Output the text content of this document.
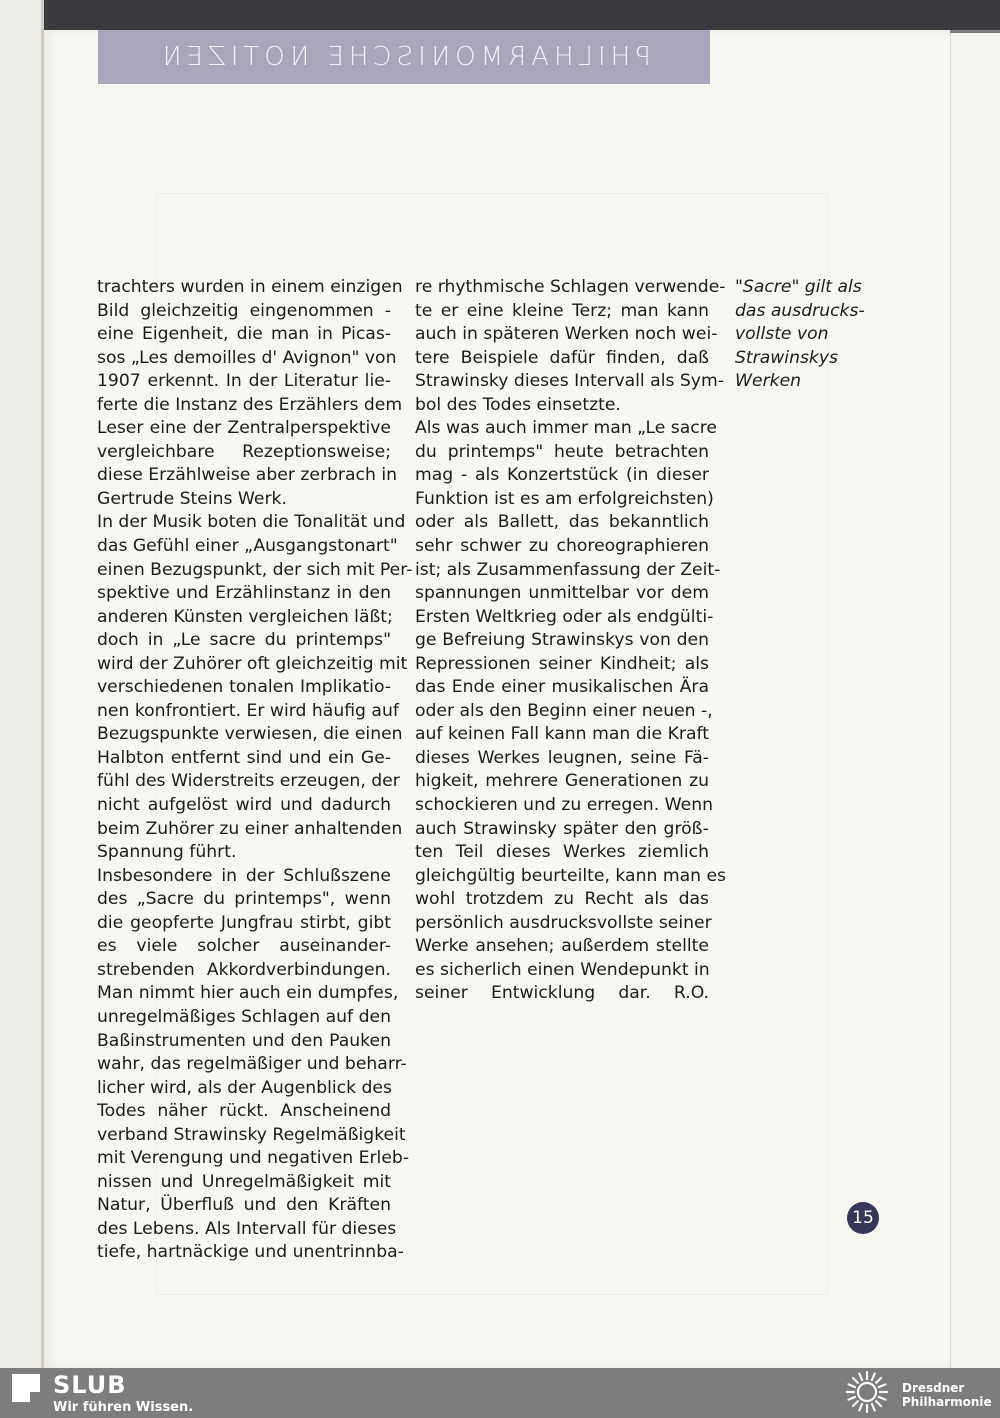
PHILHARMONISCHE NOTIZEN
trachters wurden in einem einzigen
Bild gleichzeitig eingenommen -
eine Eigenheit, die man in Picas-
sos „Les demoilles d' Avignon" von
1907 erkennt. In der Literatur lie-
ferte die Instanz des Erzählers dem
Leser eine der Zentralperspektive
vergleichbare Rezeptionsweise;
diese Erzählweise aber zerbrach in
Gertrude Steins Werk.
In der Musik boten die Tonalität und
das Gefühl einer „Ausgangstonart"
einen Bezugspunkt, der sich mit Per-
spektive und Erzählinstanz in den
anderen Künsten vergleichen läßt;
doch in „Le sacre du printemps"
wird der Zuhörer oft gleichzeitig mit
verschiedenen tonalen Implikatio-
nen konfrontiert. Er wird häufig auf
Bezugspunkte verwiesen, die einen
Halbton entfernt sind und ein Ge-
fühl des Widerstreits erzeugen, der
nicht aufgelöst wird und dadurch
beim Zuhörer zu einer anhaltenden
Spannung führt.
Insbesondere in der Schlußszene
des „Sacre du printemps", wenn
die geopferte Jungfrau stirbt, gibt
es viele solcher auseinander-
strebenden Akkordverbindungen.
Man nimmt hier auch ein dumpfes,
unregelmäßiges Schlagen auf den
Baßinstrumenten und den Pauken
wahr, das regelmäßiger und beharr-
licher wird, als der Augenblick des
Todes näher rückt. Anscheinend
verband Strawinsky Regelmäßigkeit
mit Verengung und negativen Erleb-
nissen und Unregelmäßigkeit mit
Natur, Überfluß und den Kräften
des Lebens. Als Intervall für dieses
tiefe, hartnäckige und unentrinnba-
re rhythmische Schlagen verwende-
te er eine kleine Terz; man kann
auch in späteren Werken noch wei-
tere Beispiele dafür finden, daß
Strawinsky dieses Intervall als Sym-
bol des Todes einsetzte.
Als was auch immer man „Le sacre
du printemps" heute betrachten
mag - als Konzertstück (in dieser
Funktion ist es am erfolgreichsten)
oder als Ballett, das bekanntlich
sehr schwer zu choreographieren
ist; als Zusammenfassung der Zeit-
spannungen unmittelbar vor dem
Ersten Weltkrieg oder als endgülti-
ge Befreiung Strawinskys von den
Repressionen seiner Kindheit; als
das Ende einer musikalischen Ära
oder als den Beginn einer neuen -,
auf keinen Fall kann man die Kraft
dieses Werkes leugnen, seine Fä-
higkeit, mehrere Generationen zu
schockieren und zu erregen. Wenn
auch Strawinsky später den größ-
ten Teil dieses Werkes ziemlich
gleichgültig beurteilte, kann man es
wohl trotzdem zu Recht als das
persönlich ausdrucksvollste seiner
Werke ansehen; außerdem stellte
es sicherlich einen Wendepunkt in
seiner Entwicklung dar. R.O.
"Sacre" gilt als
das ausdrucks-
vollste von
Strawinskys
Werken
15
SLUB
Wir führen Wissen.
Dresdner
Philharmonie
